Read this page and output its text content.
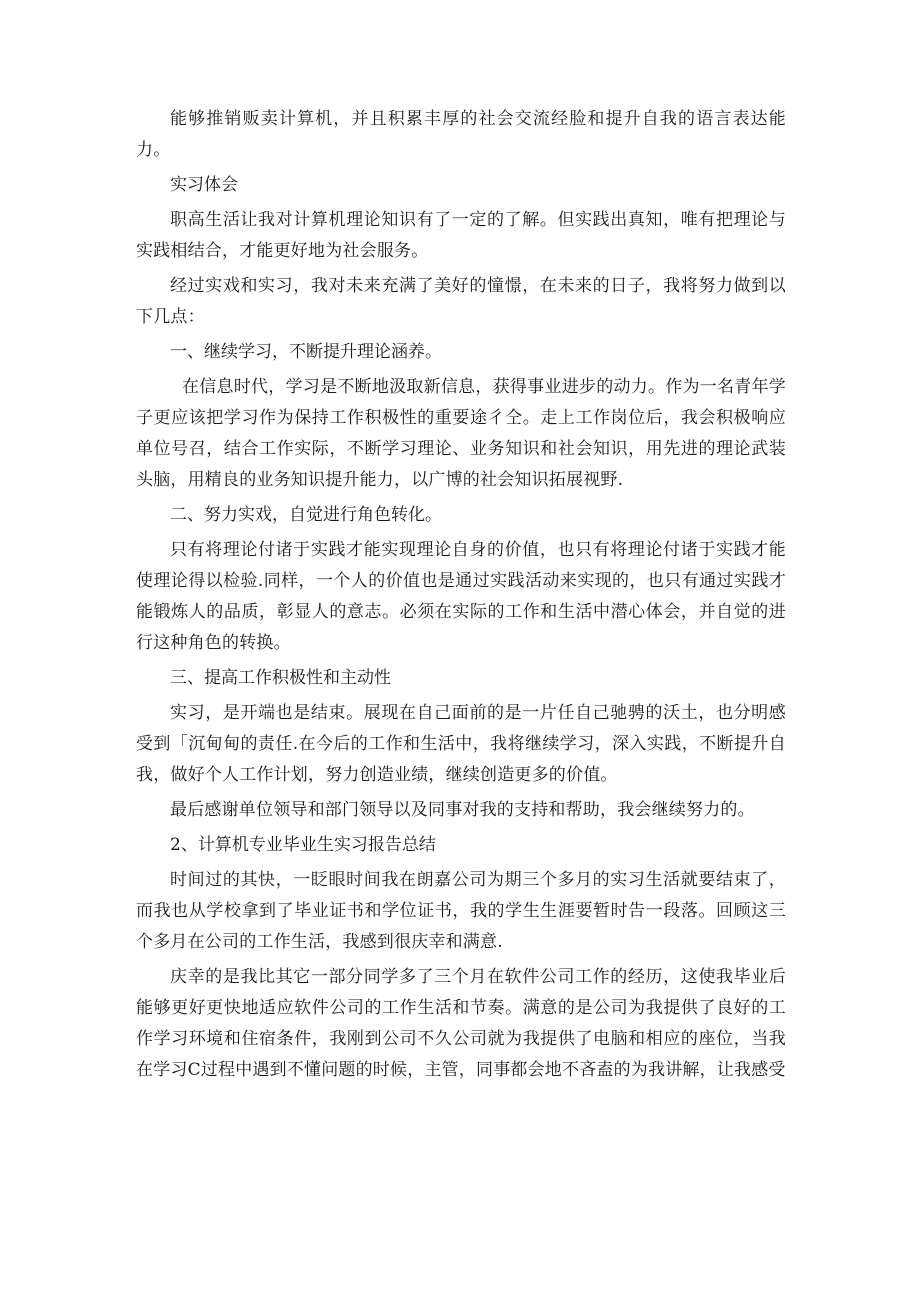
能够推销贩卖计算机，并且积累丰厚的社会交流经脸和提升自我的语言表达能力。

实习体会

职高生活让我对计算机理论知识有了一定的了解。但实践出真知，唯有把理论与实践相结合，才能更好地为社会服务。

经过实戏和实习，我对未来充满了美好的憧憬，在未来的日子，我将努力做到以下几点：

一、继续学习，不断提升理论涵养。

在信息时代，学习是不断地汲取新信息，获得事业进步的动力。作为一名青年学子更应该把学习作为保持工作积极性的重要途彳仝。走上工作岗位后，我会积极响应单位号召，结合工作实际，不断学习理论、业务知识和社会知识，用先进的理论武装头脑，用精良的业务知识提升能力，以广博的社会知识拓展视野.

二、努力实戏，自觉进行角色转化。

只有将理论付诸于实践才能实现理论自身的价值，也只有将理论付诸于实践才能使理论得以检验.同样，一个人的价值也是通过实践活动来实现的，也只有通过实践才能锻炼人的品质，彰显人的意志。必须在实际的工作和生活中潜心体会，并自觉的进行这种角色的转换。

三、提高工作积极性和主动性

实习，是开端也是结束。展现在自己面前的是一片任自己驰骋的沃土，也分明感受到「沉甸甸的责任.在今后的工作和生活中，我将继续学习，深入实践，不断提升自我，做好个人工作计划，努力创造业绩，继续创造更多的价值。

最后感谢单位领导和部门领导以及同事对我的支持和帮助，我会继续努力的。

2、计算机专业毕业生实习报告总结

时间过的其快，一眨眼时间我在朗嘉公司为期三个多月的实习生活就要结束了，而我也从学校拿到了毕业证书和学位证书，我的学生生涯要暂时告一段落。回顾这三个多月在公司的工作生活，我感到很庆幸和满意.

庆幸的是我比其它一部分同学多了三个月在软件公司工作的经历，这使我毕业后能够更好更快地适应软件公司的工作生活和节奏。满意的是公司为我提供了良好的工作学习环境和住宿条件，我刚到公司不久公司就为我提供了电脑和相应的座位，当我在学习C过程中遇到不懂问题的时候，主管，同事都会地不吝盍的为我讲解，让我感受
